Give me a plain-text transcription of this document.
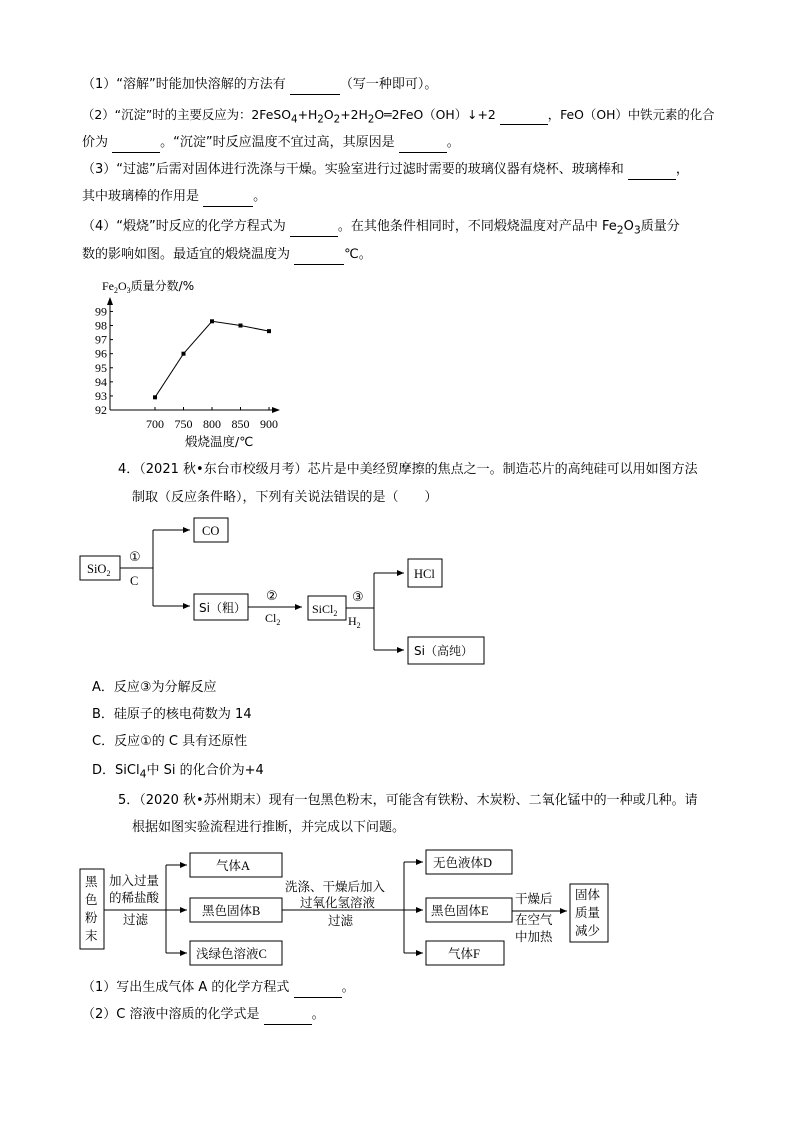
（1）“溶解”时能加快溶解的方法有	（写一种即可）。
（2）“沉淀”时的主要反应为：$2FeSO_4+H_2O_2+2H_2O═2FeO(OH)↓+2$	，FeO（OH）中铁元素的化合
价为	。“沉淀”时反应温度不宜过高，其原因是	。
（3）“过滤”后需对固体进行洗涤与干燥。实验室进行过滤时需要的玻璃仪器有烧杯、玻璃棒和	，
其中玻璃棒的作用是	。
（4）“煅烧”时反应的化学方程式为	。在其他条件相同时，不同煅烧温度对产品中 $Fe_2O_3$质量分
数的影响如图。最适宜的煅烧温度为	℃。
$Fe_2O_3$质量分数/%
92
93
94
95
96
97
98
99
700 750 800 850 900
煅烧温度/℃
4．（2021 秋•东台市校级月考）芯片是中美经贸摩擦的焦点之一。制造芯片的高纯硅可以用如图方法
制取（反应条件略），下列有关说法错误的是（　　）
SiO$_2$
①
C
CO
Si（粗）
②
$Cl_2$
SiCl$_2$
③
$H_2$
HCl
Si（高纯）
A．反应③为分解反应
B．硅原子的核电荷数为 14
C．反应①的 C 具有还原性
D．SiCl$_4$中 Si 的化合价为+4
5．（2020 秋•苏州期末）现有一包黑色粉末，可能含有铁粉、木炭粉、二氧化锰中的一种或几种。请
根据如图实验流程进行推断，并完成以下问题。
黑
色
粉
末
加入过量
的稀盐酸
过滤
气体A
黑色固体B
浅绿色溶液C
洗涤、干燥后加入
过氧化氢溶液
过滤
无色液体D
黑色固体E
气体F
干燥后
在空气
中加热
固体
质量
减少
（1）写出生成气体 A 的化学方程式	。
（2）C 溶液中溶质的化学式是	。
